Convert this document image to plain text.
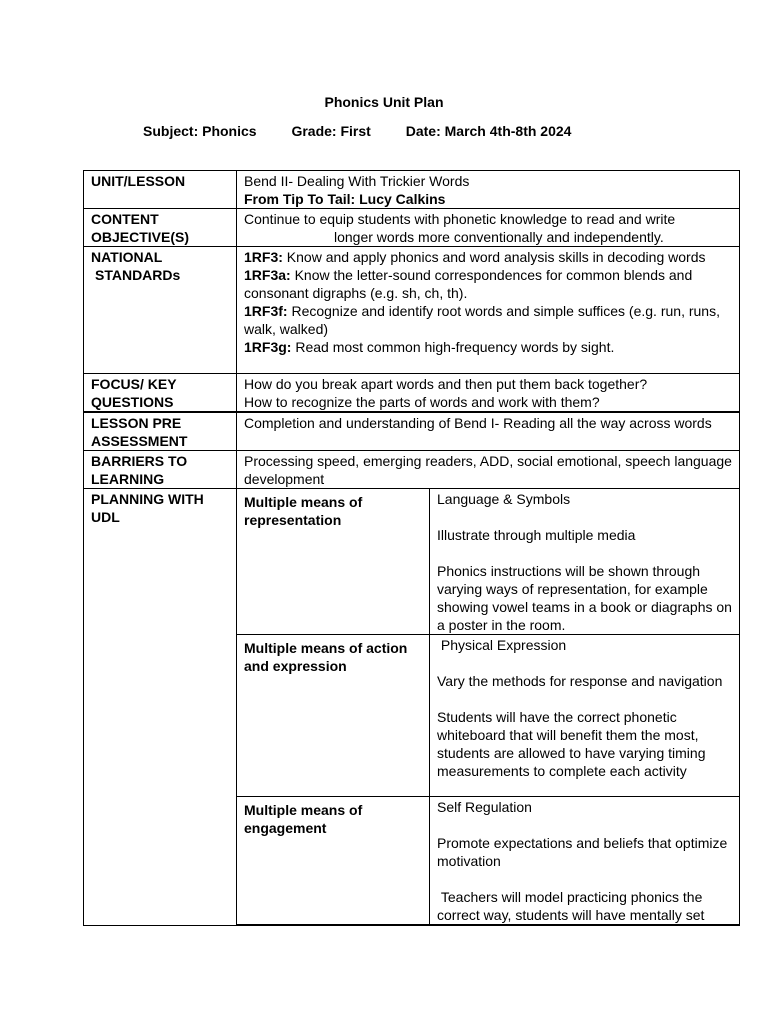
Phonics Unit Plan
Subject: Phonics Grade: First Date: March 4th-8th 2024
UNIT/LESSON	Bend II- Dealing With Trickier Words
From Tip To Tail: Lucy Calkins	

CONTENT
OBJECTIVE(S)	Continue to equip students with phonetic knowledge to read and write
longer words more conventionally and independently.	

NATIONAL
STANDARDs	1RF3: Know and apply phonics and word analysis skills in decoding words
1RF3a: Know the letter-sound correspondences for common blends and consonant digraphs (e.g. sh, ch, th).
1RF3f: Recognize and identify root words and simple suffices (e.g. run, runs, walk, walked)
1RF3g: Read most common high-frequency words by sight.	

FOCUS/ KEY
QUESTIONS	How do you break apart words and then put them back together?
How to recognize the parts of words and work with them?	

LESSON PRE
ASSESSMENT	Completion and understanding of Bend I- Reading all the way across words	

BARRIERS TO
LEARNING	Processing speed, emerging readers, ADD, social emotional, speech language development	

PLANNING WITH
UDL	Multiple means of representation	Language & Symbols
Illustrate through multiple media
Phonics instructions will be shown through varying ways of representation, for example showing vowel teams in a book or diagraphs on a poster in the room.

	Multiple means of action and expression	Physical Expression
Vary the methods for response and navigation
Students will have the correct phonetic whiteboard that will benefit them the most, students are allowed to have varying timing measurements to complete each activity

	Multiple means of engagement	Self Regulation
Promote expectations and beliefs that optimize motivation
Teachers will model practicing phonics the correct way, students will have mentally set
